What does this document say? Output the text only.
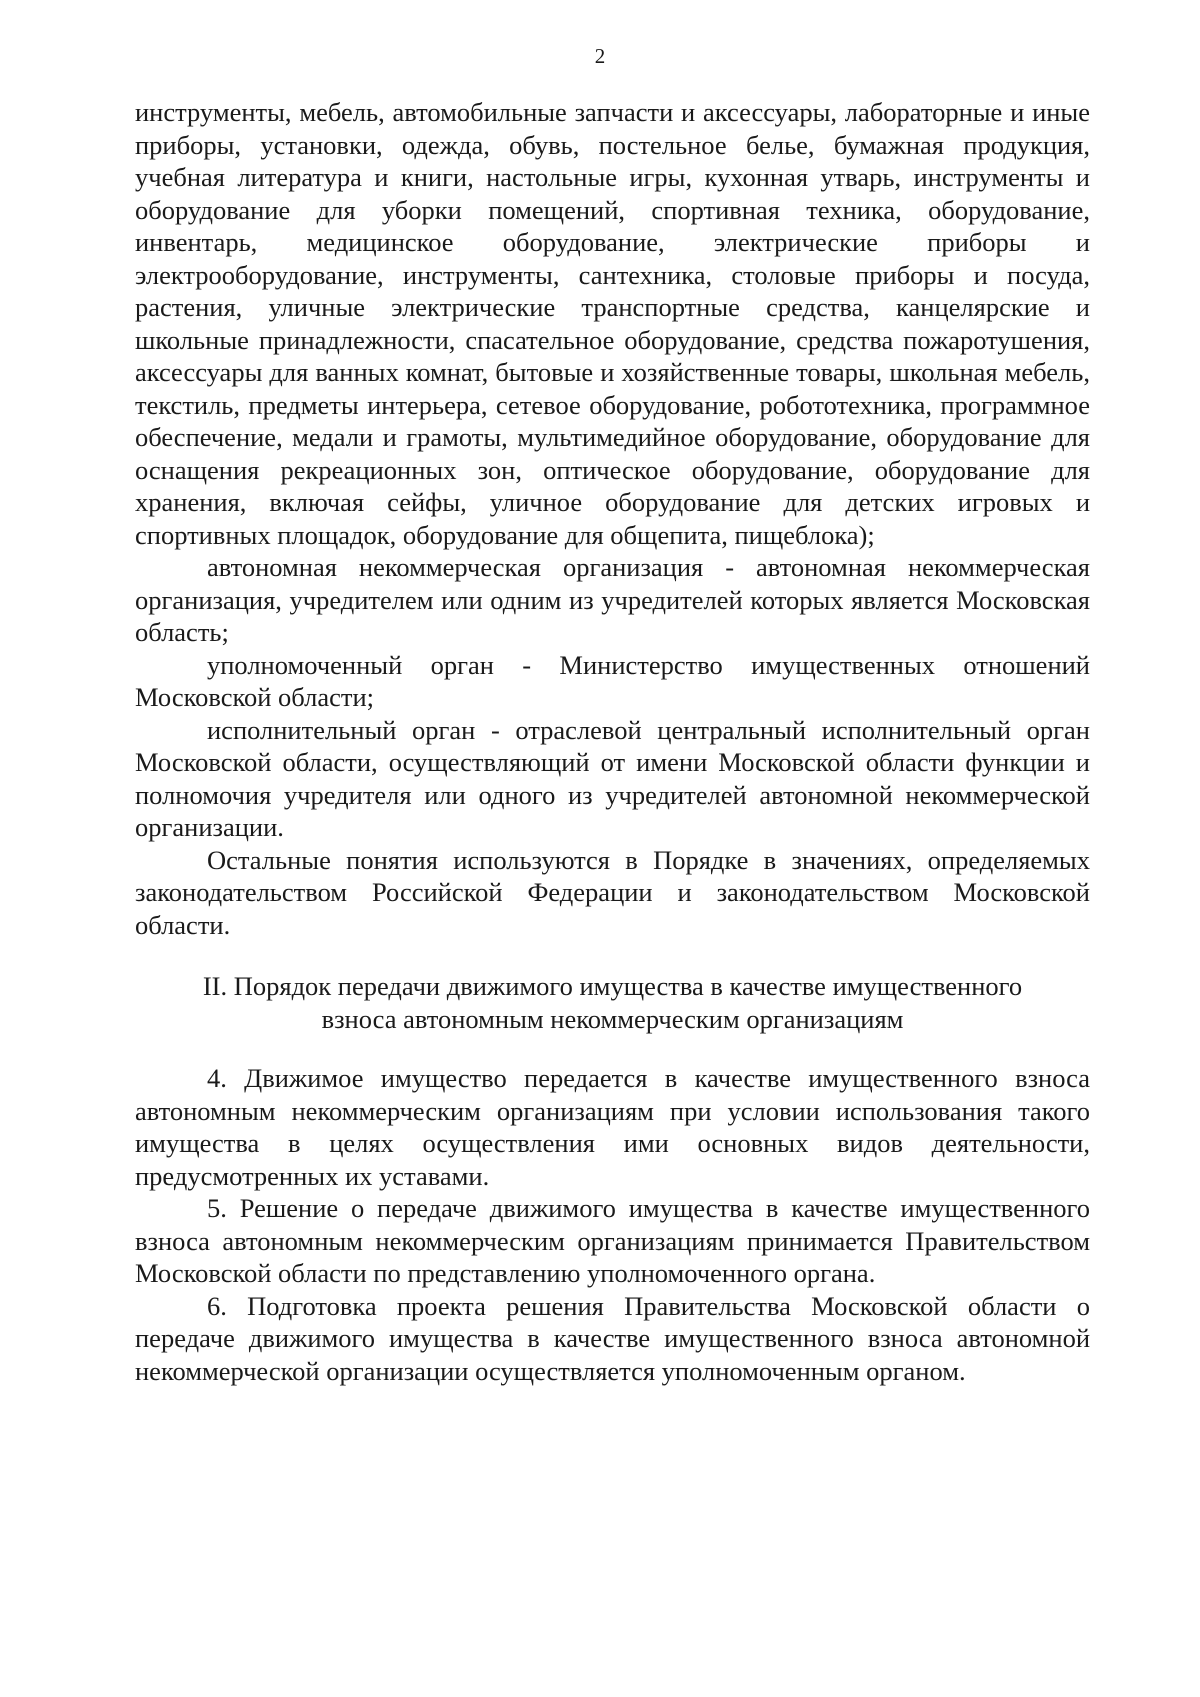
2

инструменты, мебель, автомобильные запчасти и аксессуары, лабораторные и иные приборы, установки, одежда, обувь, постельное белье, бумажная продукция, учебная литература и книги, настольные игры, кухонная утварь, инструменты и оборудование для уборки помещений, спортивная техника, оборудование, инвентарь, медицинское оборудование, электрические приборы и электрооборудование, инструменты, сантехника, столовые приборы и посуда, растения, уличные электрические транспортные средства, канцелярские и школьные принадлежности, спасательное оборудование, средства пожаротушения, аксессуары для ванных комнат, бытовые и хозяйственные товары, школьная мебель, текстиль, предметы интерьера, сетевое оборудование, робототехника, программное обеспечение, медали и грамоты, мультимедийное оборудование, оборудование для оснащения рекреационных зон, оптическое оборудование, оборудование для хранения, включая сейфы, уличное оборудование для детских игровых и спортивных площадок, оборудование для общепита, пищеблока);

автономная некоммерческая организация - автономная некоммерческая организация, учредителем или одним из учредителей которых является Московская область;

уполномоченный орган - Министерство имущественных отношений Московской области;

исполнительный орган - отраслевой центральный исполнительный орган Московской области, осуществляющий от имени Московской области функции и полномочия учредителя или одного из учредителей автономной некоммерческой организации.

Остальные понятия используются в Порядке в значениях, определяемых законодательством Российской Федерации и законодательством Московской области.

II. Порядок передачи движимого имущества в качестве имущественного
взноса автономным некоммерческим организациям

4. Движимое имущество передается в качестве имущественного взноса автономным некоммерческим организациям при условии использования такого имущества в целях осуществления ими основных видов деятельности, предусмотренных их уставами.

5. Решение о передаче движимого имущества в качестве имущественного взноса автономным некоммерческим организациям принимается Правительством Московской области по представлению уполномоченного органа.

6. Подготовка проекта решения Правительства Московской области о передаче движимого имущества в качестве имущественного взноса автономной некоммерческой организации осуществляется уполномоченным органом.
